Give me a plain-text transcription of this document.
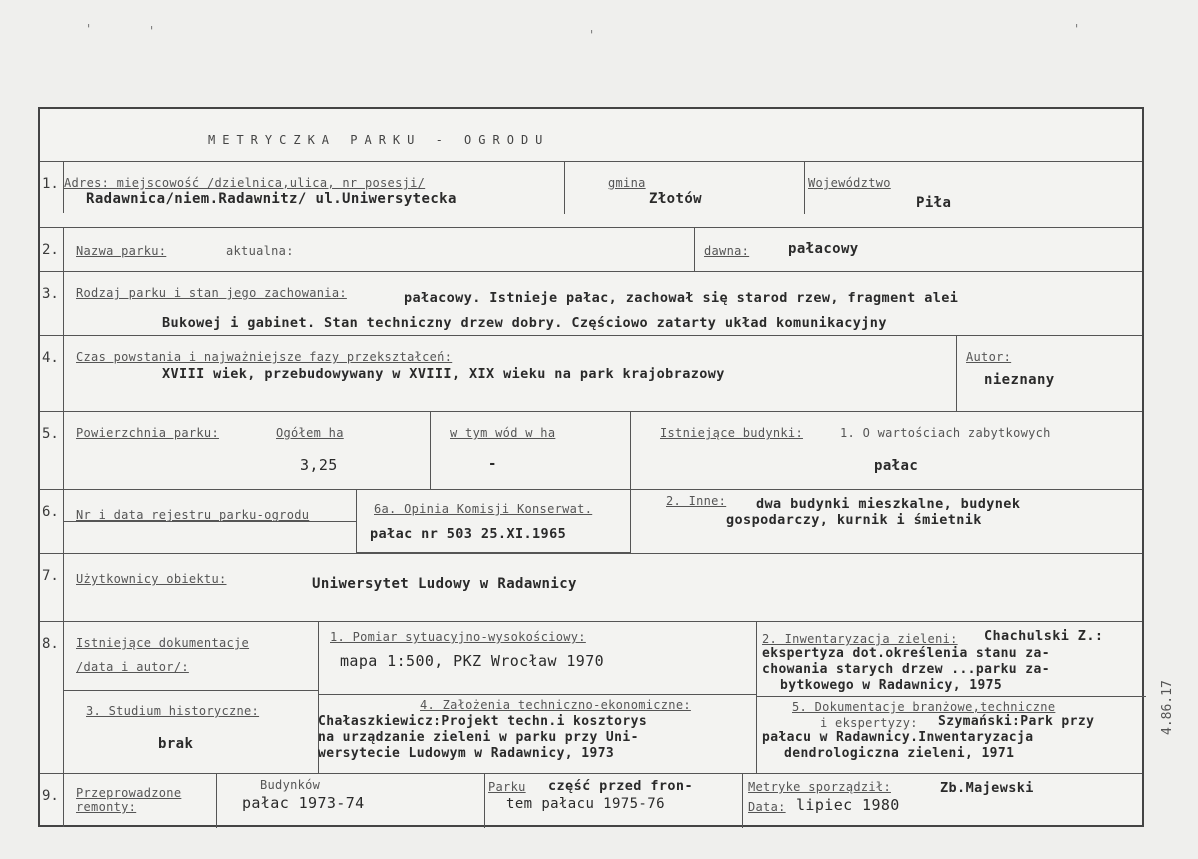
'	'	'	'
METRYCZKA PARKU - OGRODU
1. Adres: miejscowość /dzielnica,ulica, nr posesji/
Radawnica/niem.Radawnitz/ ul.Uniwersytecka
gmina
Złotów
Województwo
Piła
2.	Nazwa parku:	aktualna:	dawna:	pałacowy
3.	Rodzaj parku i stan jego zachowania:	pałacowy. Istnieje pałac, zachował się starod rzew, fragment alei
Bukowej i gabinet. Stan techniczny drzew dobry. Częściowo zatarty układ komunikacyjny
4.	Czas powstania i najważniejsze fazy przekształceń:
XVIII wiek, przebudowywany w XVIII, XIX wieku na park krajobrazowy
Autor:
nieznany
5.	Powierzchnia parku:	Ogółem ha
3,25
w tym wód w ha
-
Istniejące budynki:	1. O wartościach zabytkowych
pałac
6.	Nr i data rejestru parku-ogrodu	6a. Opinia Komisji Konserwat.
pałac nr 503 25.XI.1965
2. Inne: dwa budynki mieszkalne, budynek
gospodarczy, kurnik i śmietnik
7.	Użytkownicy obiektu:	Uniwersytet Ludowy w Radawnicy
8.	Istniejące dokumentacje
/data i autor/:
1. Pomiar sytuacyjno-wysokościowy:
mapa 1:500, PKZ Wrocław 1970
2. Inwentaryzacja zieleni: Chachulski Z.:
ekspertyza dot.określenia stanu za-
chowania starych drzew ...parku za-
bytkowego w Radawnicy, 1975
3. Studium historyczne:
brak
4. Założenia techniczno-ekonomiczne:
Chałaszkiewicz:Projekt techn.i kosztorys
na urządzanie zieleni w parku przy Uni-
wersytecie Ludowym w Radawnicy, 1973
5. Dokumentacje branżowe,techniczne
i ekspertyzy: Szymański:Park przy
pałacu w Radawnicy.Inwentaryzacja
dendrologiczna zieleni, 1971
9.	Przeprowadzone
remonty:
Budynków
pałac 1973-74
Parku część przed fron-
tem pałacu 1975-76
Metryke sporządził:	Zb.Majewski
Data: lipiec 1980
4.86.17
